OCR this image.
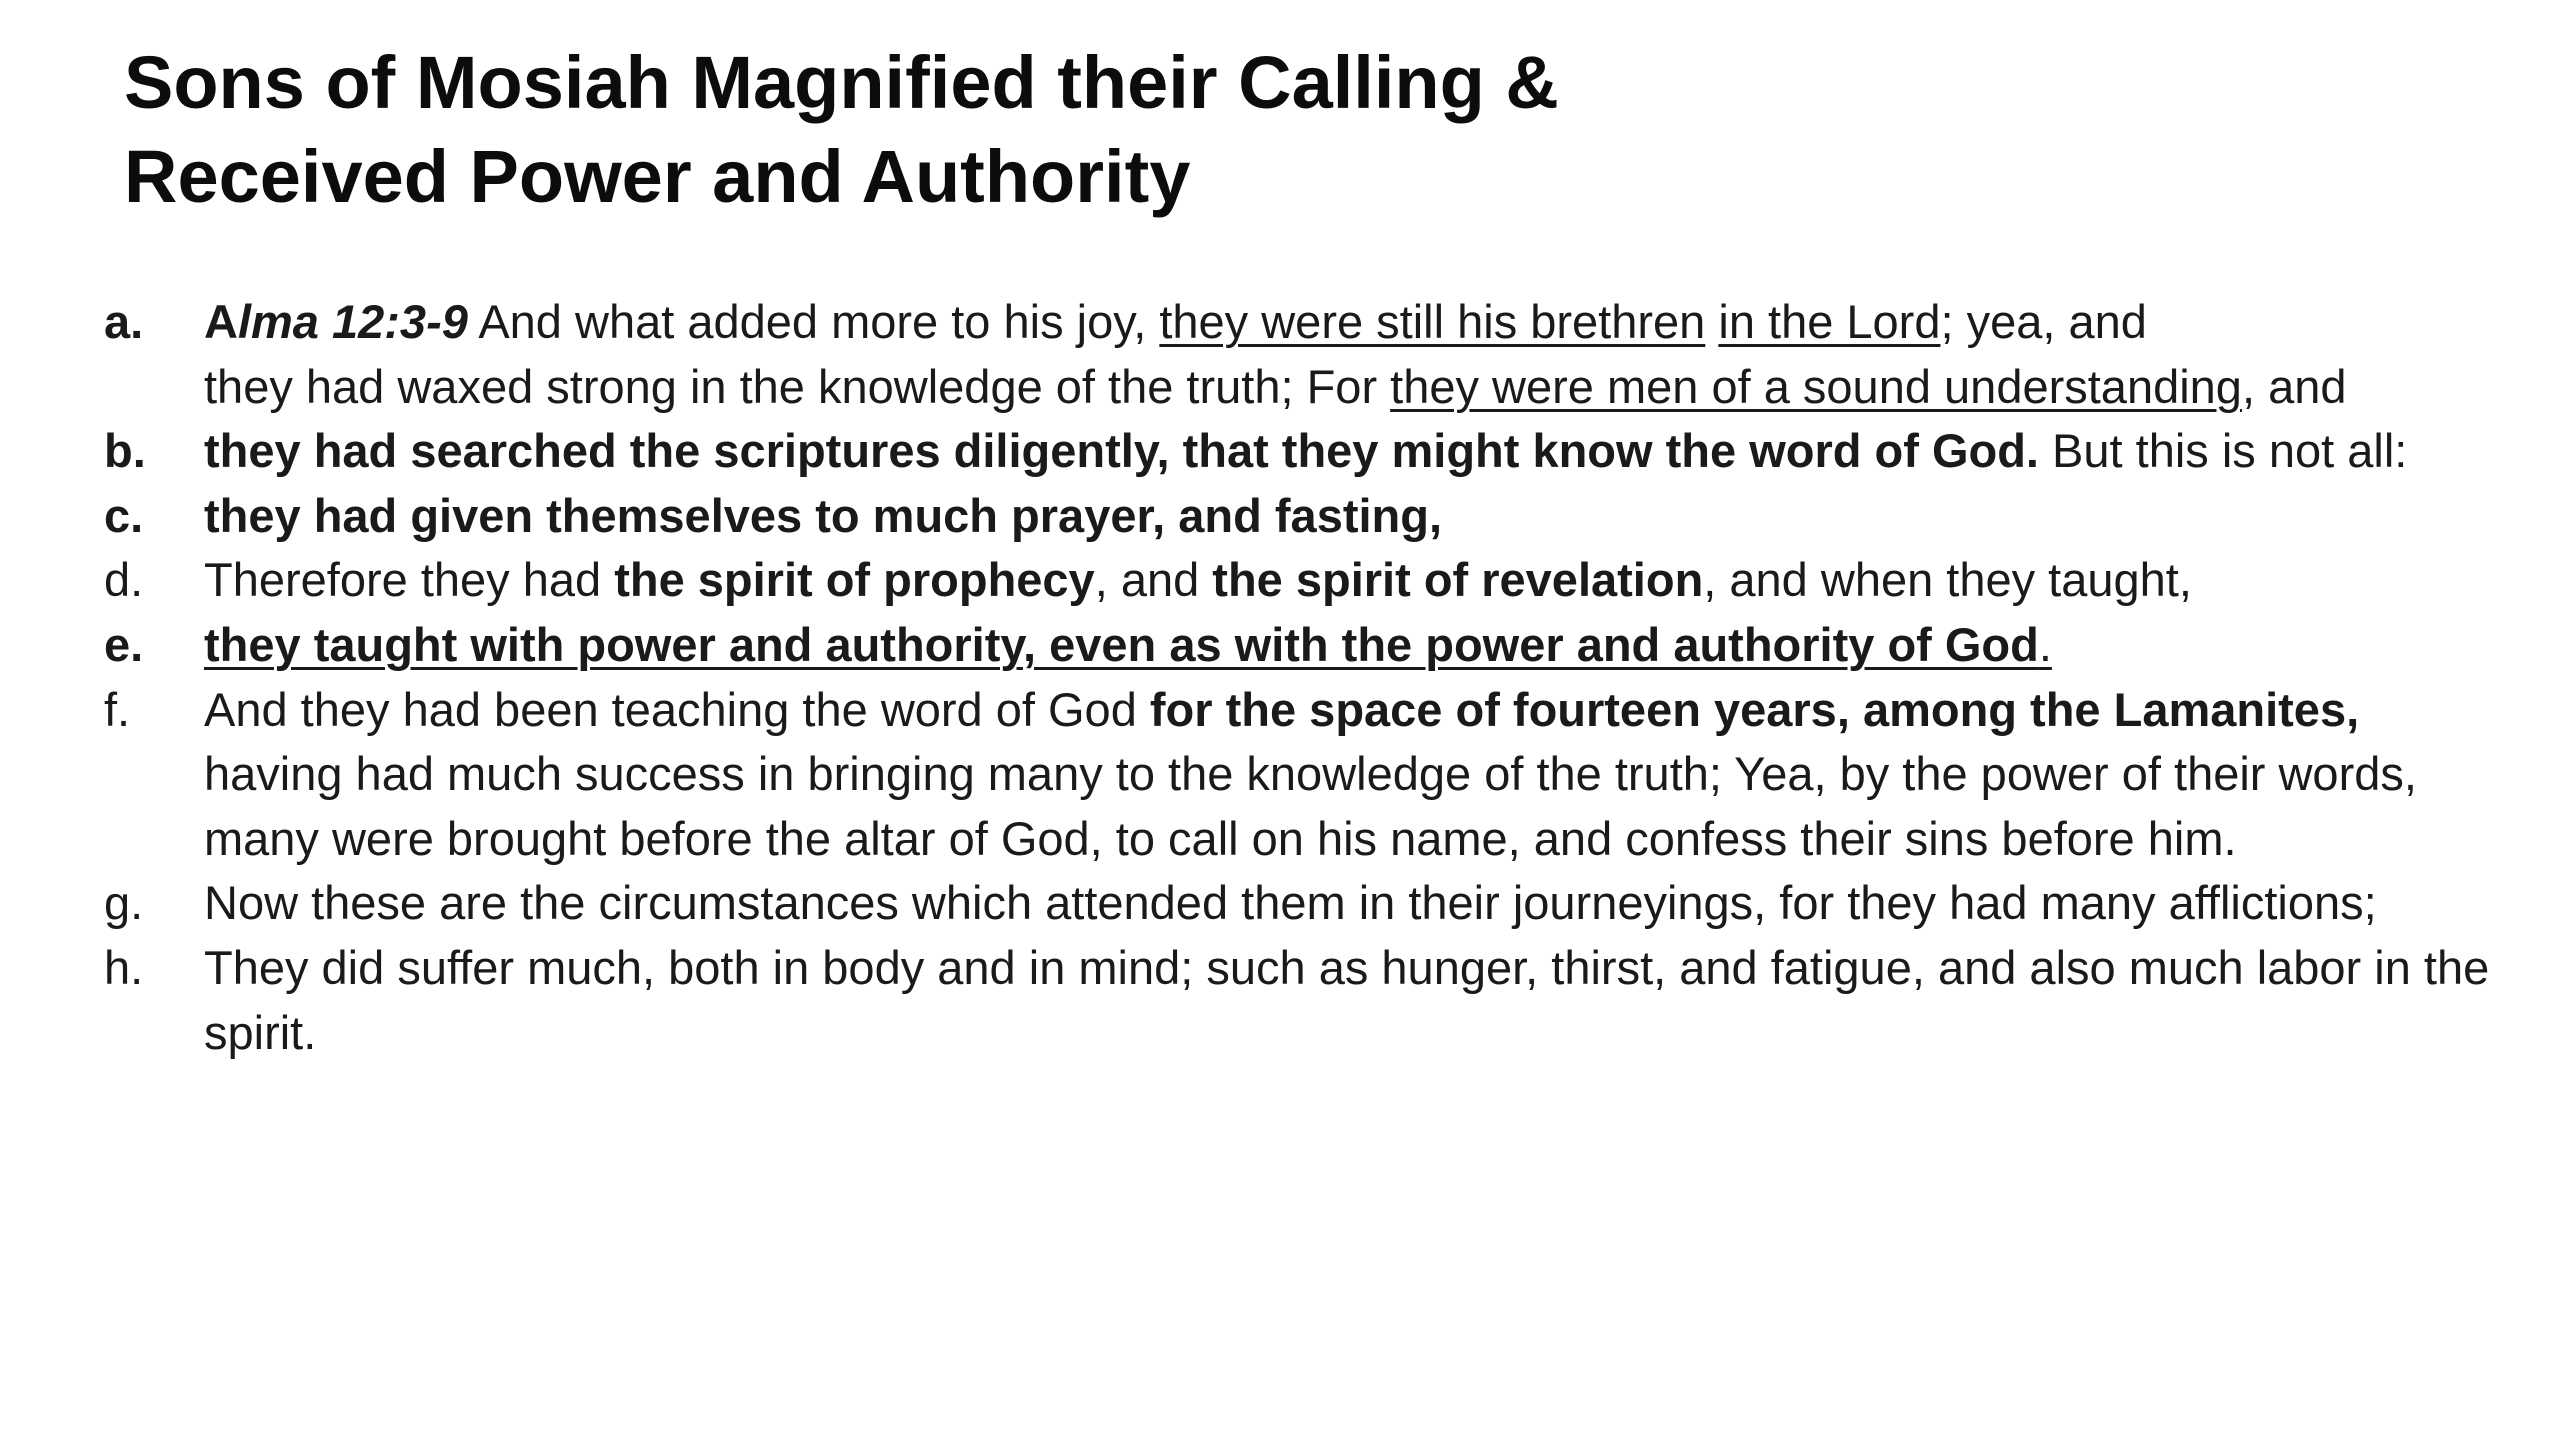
Sons of Mosiah Magnified their Calling &
Received Power and Authority
a.	Alma 12:3-9 And what added more to his joy, they were still his brethren in the Lord; yea, and
they had waxed strong in the knowledge of the truth; For they were men of a sound understanding, and
b.	they had searched the scriptures diligently, that they might know the word of God. But this is not all:
c.	they had given themselves to much prayer, and fasting,
d.	Therefore they had the spirit of prophecy, and the spirit of revelation, and when they taught,
e.	they taught with power and authority, even as with the power and authority of God.
f.	And they had been teaching the word of God for the space of fourteen years, among the Lamanites, having had much success in bringing many to the knowledge of the truth; Yea, by the power of their words, many were brought before the altar of God, to call on his name, and confess their sins before him.
g.	Now these are the circumstances which attended them in their journeyings, for they had many afflictions;
h.	They did suffer much, both in body and in mind; such as hunger, thirst, and fatigue, and also much labor in the spirit.
